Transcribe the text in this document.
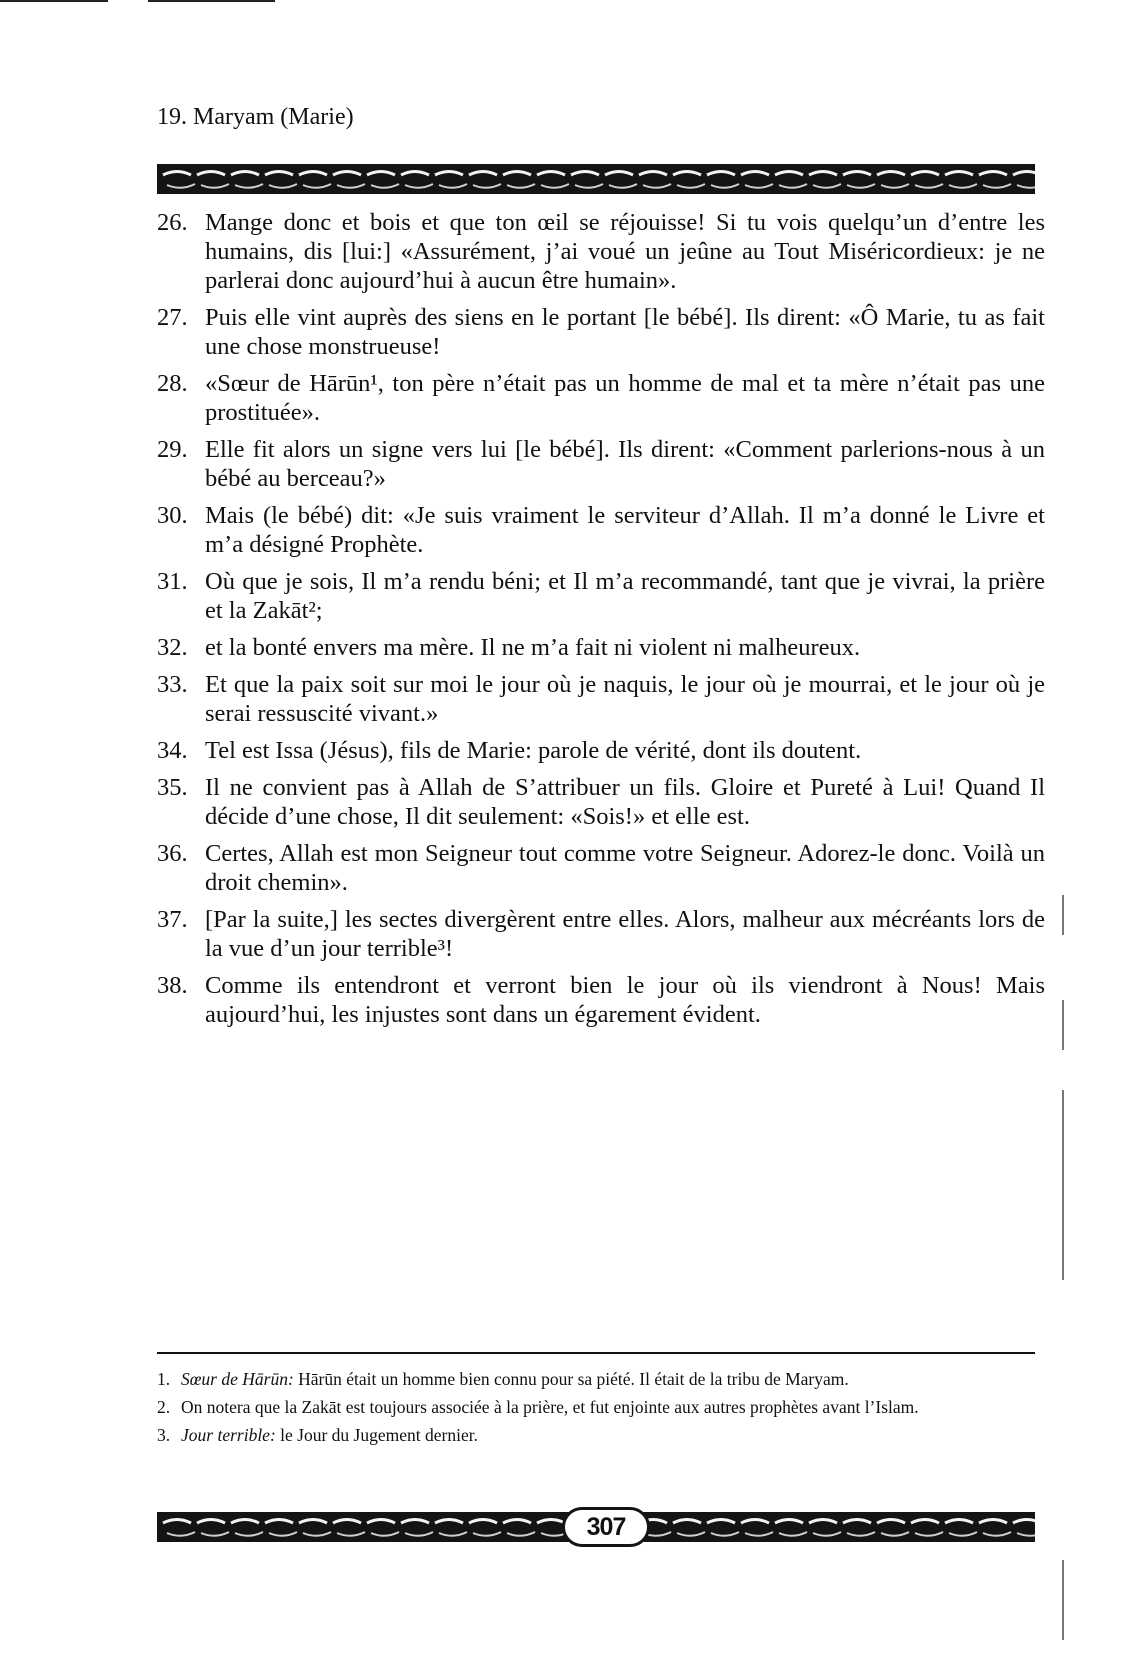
19. Maryam (Marie)
26. Mange donc et bois et que ton œil se réjouisse! Si tu vois quelqu’un d’entre les humains, dis [lui:] «Assurément, j’ai voué un jeûne au Tout Miséricordieux: je ne parlerai donc aujourd’hui à aucun être humain».
27. Puis elle vint auprès des siens en le portant [le bébé]. Ils dirent: «Ô Marie, tu as fait une chose monstrueuse!
28. «Sœur de Hārūn¹, ton père n’était pas un homme de mal et ta mère n’était pas une prostituée».
29. Elle fit alors un signe vers lui [le bébé]. Ils dirent: «Comment parlerions-nous à un bébé au berceau?»
30. Mais (le bébé) dit: «Je suis vraiment le serviteur d’Allah. Il m’a donné le Livre et m’a désigné Prophète.
31. Où que je sois, Il m’a rendu béni; et Il m’a recommandé, tant que je vivrai, la prière et la Zakāt²;
32. et la bonté envers ma mère. Il ne m’a fait ni violent ni malheureux.
33. Et que la paix soit sur moi le jour où je naquis, le jour où je mourrai, et le jour où je serai ressuscité vivant.»
34. Tel est Issa (Jésus), fils de Marie: parole de vérité, dont ils doutent.
35. Il ne convient pas à Allah de S’attribuer un fils. Gloire et Pureté à Lui! Quand Il décide d’une chose, Il dit seulement: «Sois!» et elle est.
36. Certes, Allah est mon Seigneur tout comme votre Seigneur. Adorez-le donc. Voilà un droit chemin».
37. [Par la suite,] les sectes divergèrent entre elles. Alors, malheur aux mécréants lors de la vue d’un jour terrible³!
38. Comme ils entendront et verront bien le jour où ils viendront à Nous! Mais aujourd’hui, les injustes sont dans un égarement évident.
1. Sœur de Hārūn: Hārūn était un homme bien connu pour sa piété. Il était de la tribu de Maryam.
2. On notera que la Zakāt est toujours associée à la prière, et fut enjointe aux autres prophètes avant l’Islam.
3. Jour terrible: le Jour du Jugement dernier.
307
